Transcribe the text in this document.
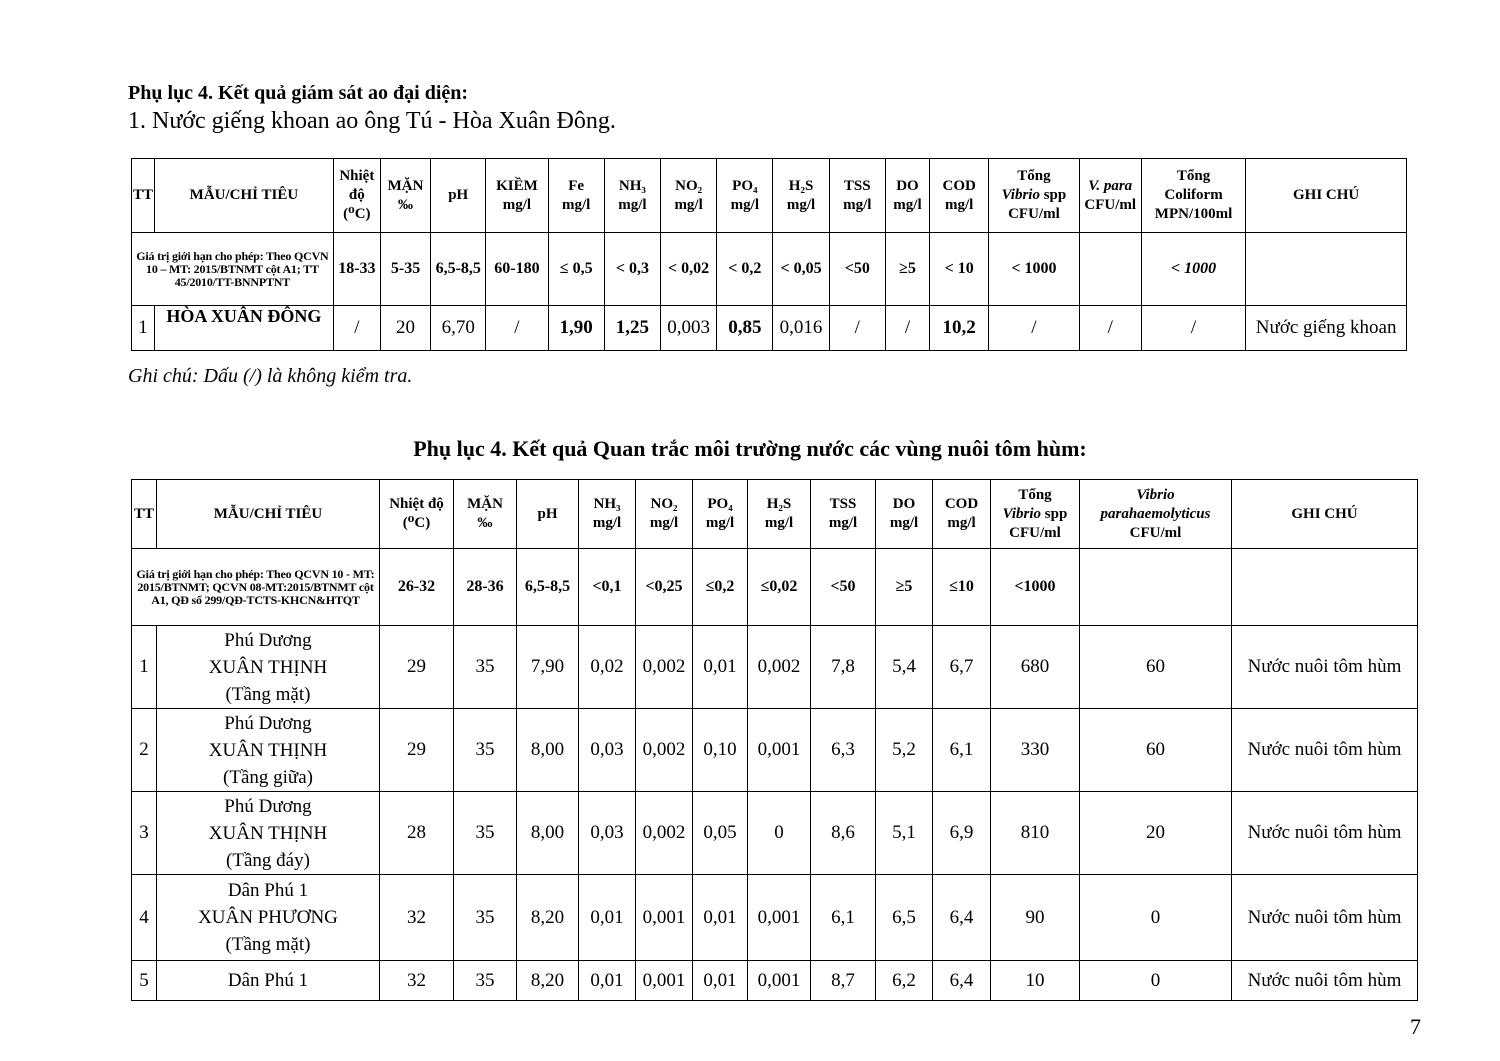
Phụ lục 4. Kết quả giám sát ao đại diện:
1. Nước giếng khoan ao ông Tú - Hòa Xuân Đông.
TT	MẪU/CHỈ TIÊU	Nhiệt
độ
(⁰C)	MẶN
‰	pH	KIỀM
mg/l	Fe
mg/l	NH₃
mg/l	NO₂
mg/l	PO₄
mg/l	H₂S
mg/l	TSS
mg/l	DO
mg/l	COD
mg/l	Tổng
Vibrio spp
CFU/ml	V. para
CFU/ml	Tổng
Coliform
MPN/100ml	GHI CHÚ
Giá trị giới hạn cho phép: Theo QCVN 10 – MT: 2015/BTNMT cột A1; TT 45/2010/TT-BNNPTNT		18-33	5-35	6,5-8,5	60-180	≤ 0,5	< 0,3	< 0,02	< 0,2	< 0,05	<50	≥5	< 10	< 1000		< 1000	
1	HÒA XUÂN ĐÔNG	/	20	6,70	/	1,90	1,25	0,003	0,85	0,016	/	/	10,2	/	/	/	Nước giếng khoan
Ghi chú: Dấu (/) là không kiểm tra.
Phụ lục 4. Kết quả Quan trắc môi trường nước các vùng nuôi tôm hùm:
TT	MẪU/CHỈ TIÊU	Nhiệt độ
(⁰C)	MẶN
‰	pH	NH₃
mg/l	NO₂
mg/l	PO₄
mg/l	H₂S
mg/l	TSS
mg/l	DO
mg/l	COD
mg/l	Tổng
Vibrio spp
CFU/ml	Vibrio
parahaemolyticus
CFU/ml	GHI CHÚ
Giá trị giới hạn cho phép: Theo QCVN 10 - MT: 2015/BTNMT; QCVN 08-MT:2015/BTNMT cột A1, QĐ số 299/QĐ-TCTS-KHCN&HTQT		26-32	28-36	6,5-8,5	<0,1	<0,25	≤0,2	≤0,02	<50	≥5	≤10	<1000		
1	Phú Dương
XUÂN THỊNH
(Tầng mặt)	29	35	7,90	0,02	0,002	0,01	0,002	7,8	5,4	6,7	680	60	Nước nuôi tôm hùm
2	Phú Dương
XUÂN THỊNH
(Tầng giữa)	29	35	8,00	0,03	0,002	0,10	0,001	6,3	5,2	6,1	330	60	Nước nuôi tôm hùm
3	Phú Dương
XUÂN THỊNH
(Tầng đáy)	28	35	8,00	0,03	0,002	0,05	0	8,6	5,1	6,9	810	20	Nước nuôi tôm hùm
4	Dân Phú 1
XUÂN PHƯƠNG
(Tầng mặt)	32	35	8,20	0,01	0,001	0,01	0,001	6,1	6,5	6,4	90	0	Nước nuôi tôm hùm
5	Dân Phú 1	32	35	8,20	0,01	0,001	0,01	0,001	8,7	6,2	6,4	10	0	Nước nuôi tôm hùm
7
